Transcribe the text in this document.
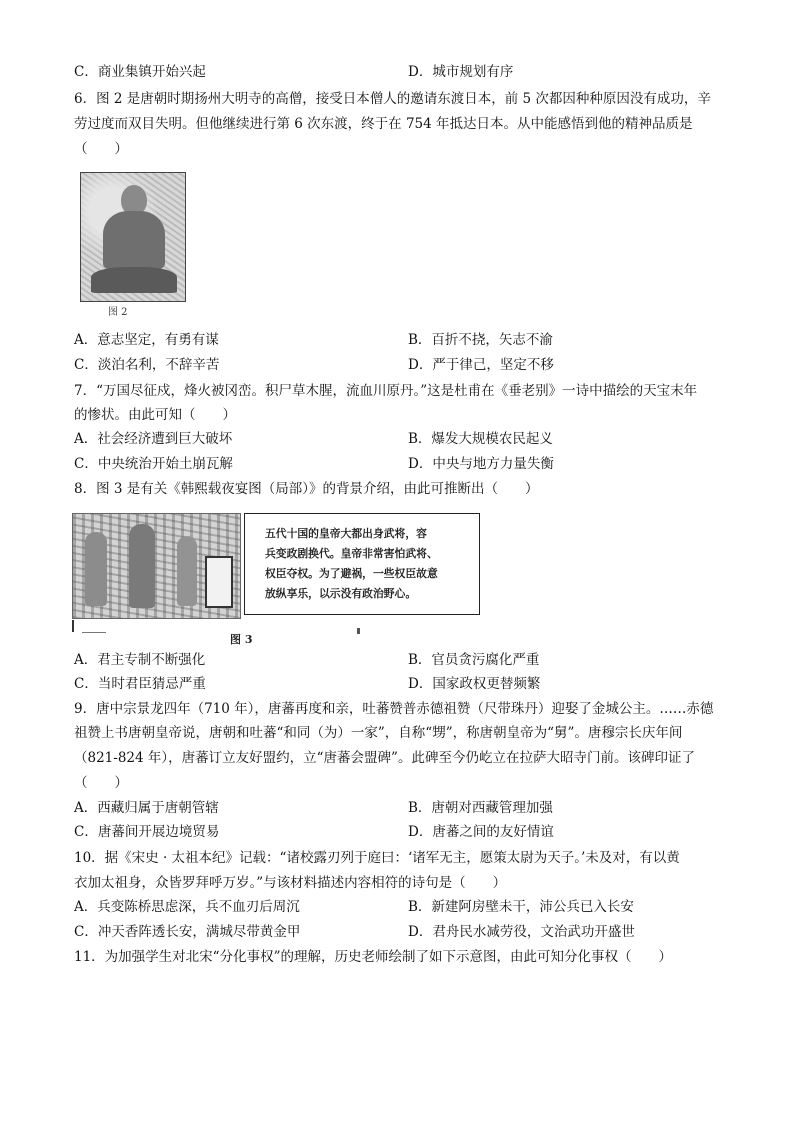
C．商业集镇开始兴起	D．城市规划有序
6．图 2 是唐朝时期扬州大明寺的高僧，接受日本僧人的邀请东渡日本，前 5 次都因种种原因没有成功，辛
劳过度而双目失明。但他继续进行第 6 次东渡，终于在 754 年抵达日本。从中能感悟到他的精神品质是
（　　）
图 2
A．意志坚定，有勇有谋	B．百折不挠，矢志不渝
C．淡泊名利，不辞辛苦	D．严于律己，坚定不移
7．“万国尽征戍，烽火被冈峦。积尸草木腥，流血川原丹。”这是杜甫在《垂老别》一诗中描绘的天宝末年
的惨状。由此可知（　　）
A．社会经济遭到巨大破坏	B．爆发大规模农民起义
C．中央统治开始土崩瓦解	D．中央与地方力量失衡
8．图 3 是有关《韩熙载夜宴图（局部）》的背景介绍，由此可推断出（　　）
五代十国的皇帝大都出身武将，容
兵变政剧换代。皇帝非常害怕武将、
权臣夺权。为了避祸，一些权臣故意
放纵享乐，以示没有政治野心。
图 3
A．君主专制不断强化	B．官员贪污腐化严重
C．当时君臣猜忌严重	D．国家政权更替频繁
9．唐中宗景龙四年（710 年），唐蕃再度和亲，吐蕃赞普赤德祖赞（尺带珠丹）迎娶了金城公主。……赤德
祖赞上书唐朝皇帝说，唐朝和吐蕃“和同（为）一家”，自称“甥”，称唐朝皇帝为“舅”。唐穆宗长庆年间
（821-824 年），唐蕃订立友好盟约，立“唐蕃会盟碑”。此碑至今仍屹立在拉萨大昭寺门前。该碑印证了
（　　）
A．西藏归属于唐朝管辖	B．唐朝对西藏管理加强
C．唐蕃间开展边境贸易	D．唐蕃之间的友好情谊
10．据《宋史 · 太祖本纪》记载：“诸校露刃列于庭曰：‘诸军无主，愿策太尉为天子。’未及对，有以黄
衣加太祖身，众皆罗拜呼万岁。”与该材料描述内容相符的诗句是（　　）
A．兵变陈桥思虑深，兵不血刃后周沉	B．新建阿房壁未干，沛公兵已入长安
C．冲天香阵透长安，满城尽带黄金甲	D．君舟民水减劳役，文治武功开盛世
11．为加强学生对北宋“分化事权”的理解，历史老师绘制了如下示意图，由此可知分化事权（　　）
